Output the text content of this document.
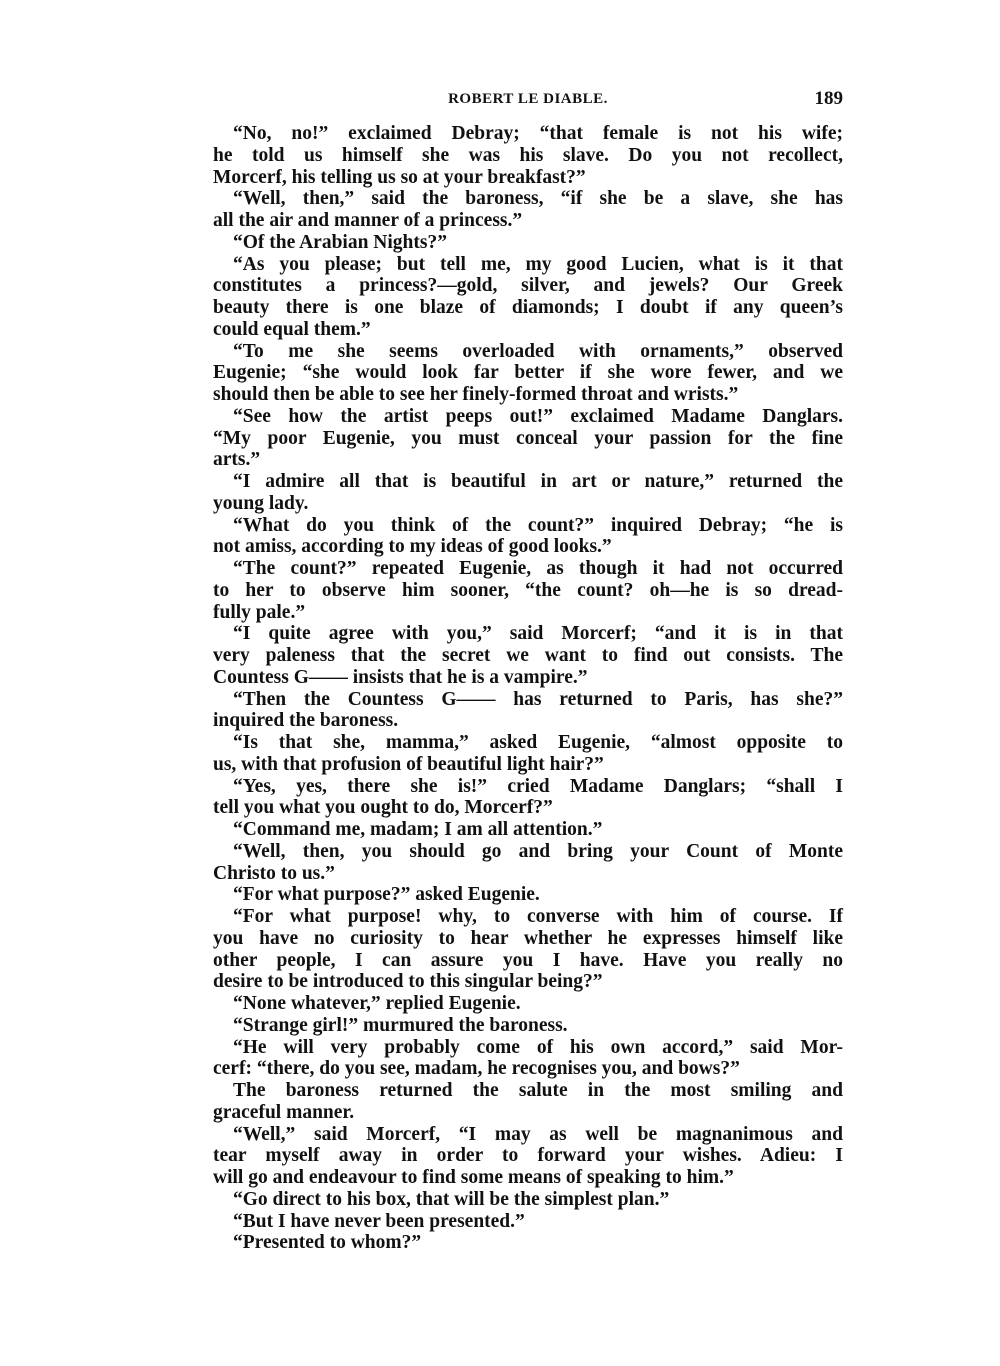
ROBERT LE DIABLE.	189
“No, no!” exclaimed Debray; “that female is not his wife;
he told us himself she was his slave. Do you not recollect,
Morcerf, his telling us so at your breakfast?”
“Well, then,” said the baroness, “if she be a slave, she has
all the air and manner of a princess.”
“Of the Arabian Nights?”
“As you please; but tell me, my good Lucien, what is it that
constitutes a princess?—gold, silver, and jewels? Our Greek
beauty there is one blaze of diamonds; I doubt if any queen’s
could equal them.”
“To me she seems overloaded with ornaments,” observed
Eugenie; “she would look far better if she wore fewer, and we
should then be able to see her finely-formed throat and wrists.”
“See how the artist peeps out!” exclaimed Madame Danglars.
“My poor Eugenie, you must conceal your passion for the fine
arts.”
“I admire all that is beautiful in art or nature,” returned the
young lady.
“What do you think of the count?” inquired Debray; “he is
not amiss, according to my ideas of good looks.”
“The count?” repeated Eugenie, as though it had not occurred
to her to observe him sooner, “the count? oh—he is so dread-
fully pale.”
“I quite agree with you,” said Morcerf; “and it is in that
very paleness that the secret we want to find out consists. The
Countess G—— insists that he is a vampire.”
“Then the Countess G—— has returned to Paris, has she?”
inquired the baroness.
“Is that she, mamma,” asked Eugenie, “almost opposite to
us, with that profusion of beautiful light hair?”
“Yes, yes, there she is!” cried Madame Danglars; “shall I
tell you what you ought to do, Morcerf?”
“Command me, madam; I am all attention.”
“Well, then, you should go and bring your Count of Monte
Christo to us.”
“For what purpose?” asked Eugenie.
“For what purpose! why, to converse with him of course. If
you have no curiosity to hear whether he expresses himself like
other people, I can assure you I have. Have you really no
desire to be introduced to this singular being?”
“None whatever,” replied Eugenie.
“Strange girl!” murmured the baroness.
“He will very probably come of his own accord,” said Mor-
cerf: “there, do you see, madam, he recognises you, and bows?”
The baroness returned the salute in the most smiling and
graceful manner.
“Well,” said Morcerf, “I may as well be magnanimous and
tear myself away in order to forward your wishes. Adieu: I
will go and endeavour to find some means of speaking to him.”
“Go direct to his box, that will be the simplest plan.”
“But I have never been presented.”
“Presented to whom?”
